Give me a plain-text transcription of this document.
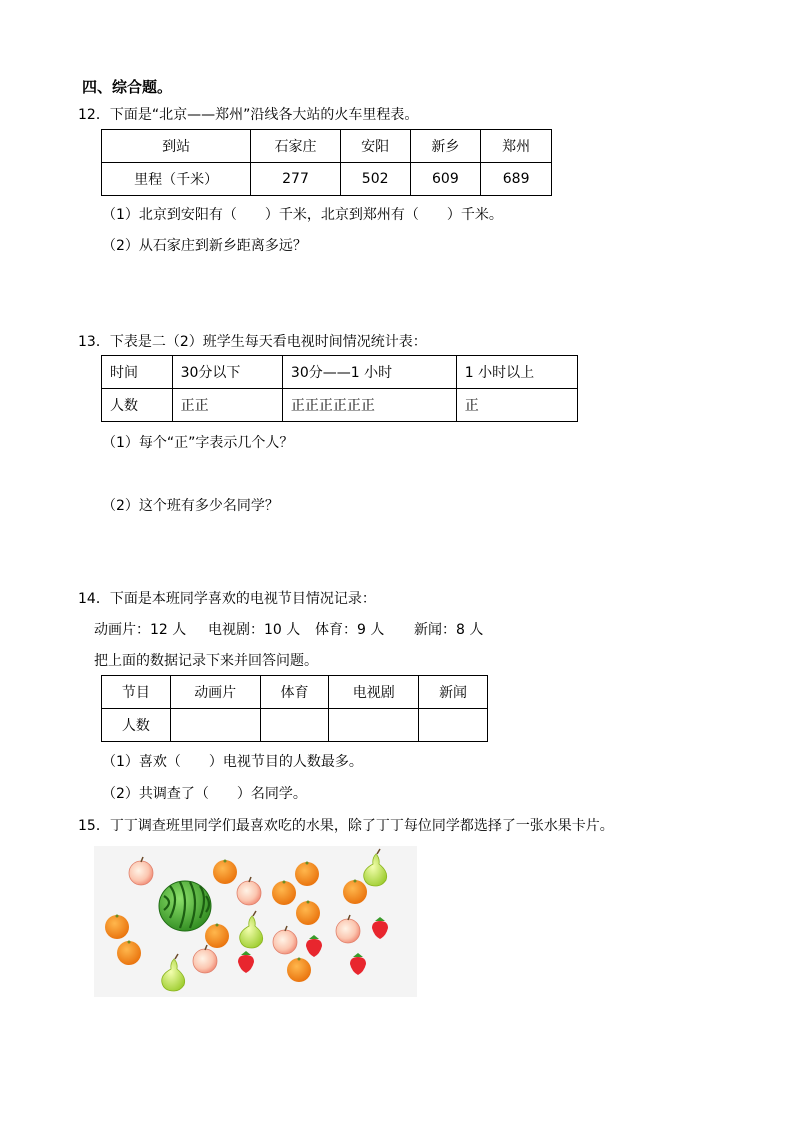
四、综合题。
12．下面是“北京——郑州”沿线各大站的火车里程表。
到站	石家庄	安阳	新乡	郑州
里程（千米）	277	502	609	689
（1）北京到安阳有（　　）千米，北京到郑州有（　　）千米。
（2）从石家庄到新乡距离多远？
13．下表是二（2）班学生每天看电视时间情况统计表：
时间	30分以下	30分——1 小时	1 小时以上
人数	正正	正正正正正正	正
（1）每个“正”字表示几个人？
（2）这个班有多少名同学？
14．下面是本班同学喜欢的电视节目情况记录：
动画片：12 人 电视剧：10 人 体育：9 人 新闻：8 人
把上面的数据记录下来并回答问题。
节目	动画片	体育	电视剧	新闻
人数				
（1）喜欢（　　）电视节目的人数最多。
（2）共调查了（　　）名同学。
15．丁丁调查班里同学们最喜欢吃的水果，除了丁丁每位同学都选择了一张水果卡片。
